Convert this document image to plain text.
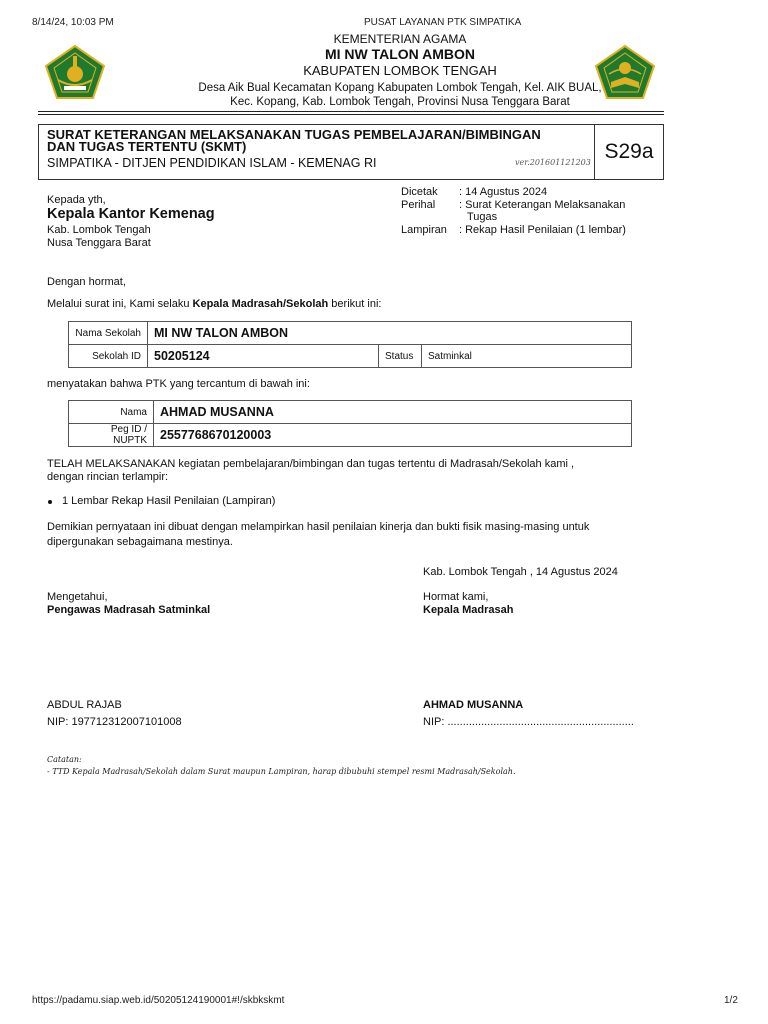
8/14/24, 10:03 PM	PUSAT LAYANAN PTK SIMPATIKA
KEMENTERIAN AGAMA
MI NW TALON AMBON
KABUPATEN LOMBOK TENGAH
Desa Aik Bual Kecamatan Kopang Kabupaten Lombok Tengah, Kel. AIK BUAL,
Kec. Kopang, Kab. Lombok Tengah, Provinsi Nusa Tenggara Barat
SURAT KETERANGAN MELAKSANAKAN TUGAS PEMBELAJARAN/BIMBINGAN
DAN TUGAS TERTENTU (SKMT)
SIMPATIKA - DITJEN PENDIDIKAN ISLAM - KEMENAG RI	ver.201601121203 S29a
Kepada yth,
Kepala Kantor Kemenag
Kab. Lombok Tengah
Nusa Tenggara Barat
Dicetak : 14 Agustus 2024
Perihal : Surat Keterangan Melaksanakan
Tugas
Lampiran : Rekap Hasil Penilaian (1 lembar)
Dengan hormat,
Melalui surat ini, Kami selaku Kepala Madrasah/Sekolah berikut ini:
Nama Sekolah	MI NW TALON AMBON		
Sekolah ID	50205124	Status	Satminkal
menyatakan bahwa PTK yang tercantum di bawah ini:
Nama	AHMAD MUSANNA
Peg ID / NUPTK	2557768670120003
TELAH MELAKSANAKAN kegiatan pembelajaran/bimbingan dan tugas tertentu di Madrasah/Sekolah kami ,
dengan rincian terlampir:
1 Lembar Rekap Hasil Penilaian (Lampiran)
Demikian pernyataan ini dibuat dengan melampirkan hasil penilaian kinerja dan bukti fisik masing-masing untuk
dipergunakan sebagaimana mestinya.
Kab. Lombok Tengah , 14 Agustus 2024
Mengetahui,
Pengawas Madrasah Satminkal
ABDUL RAJAB
NIP: 197712312007101008
Hormat kami,
Kepala Madrasah
AHMAD MUSANNA
NIP: .............................................................
Catatan:
- TTD Kepala Madrasah/Sekolah dalam Surat maupun Lampiran, harap dibubuhi stempel resmi Madrasah/Sekolah.
https://padamu.siap.web.id/50205124190001#!/skbkskmt	1/2
